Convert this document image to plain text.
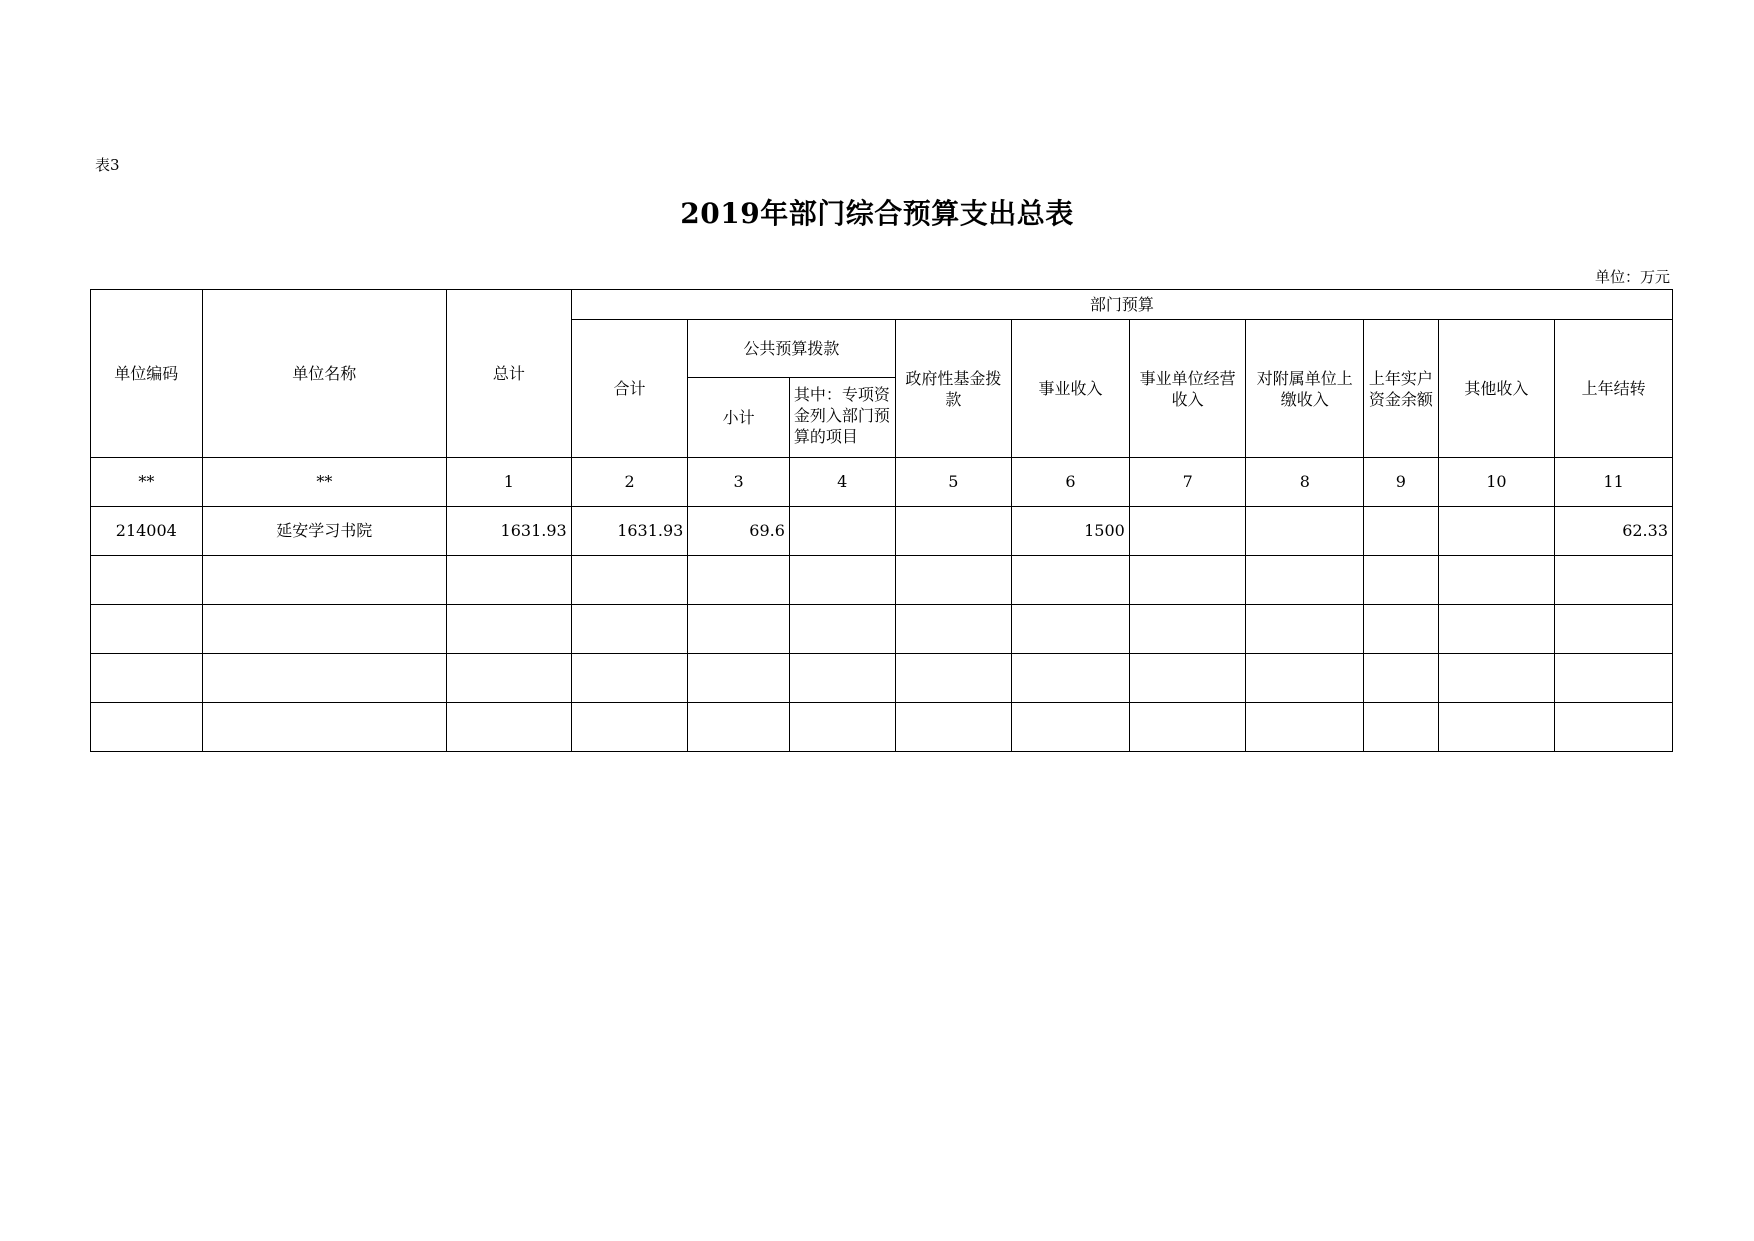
表3
2019年部门综合预算支出总表
单位：万元
单位编码	单位名称	总计	部门预算									
			合计	公共预算拨款		政府性基金拨款	事业收入	事业单位经营收入	对附属单位上缴收入	上年实户资金余额	其他收入	上年结转
				小计	其中：专项资金列入部门预算的项目							

**	**	1	2	3	4	5	6	7	8	9	10	11
214004	延安学习书院	1631.93	1631.93	69.6			1500					62.33
